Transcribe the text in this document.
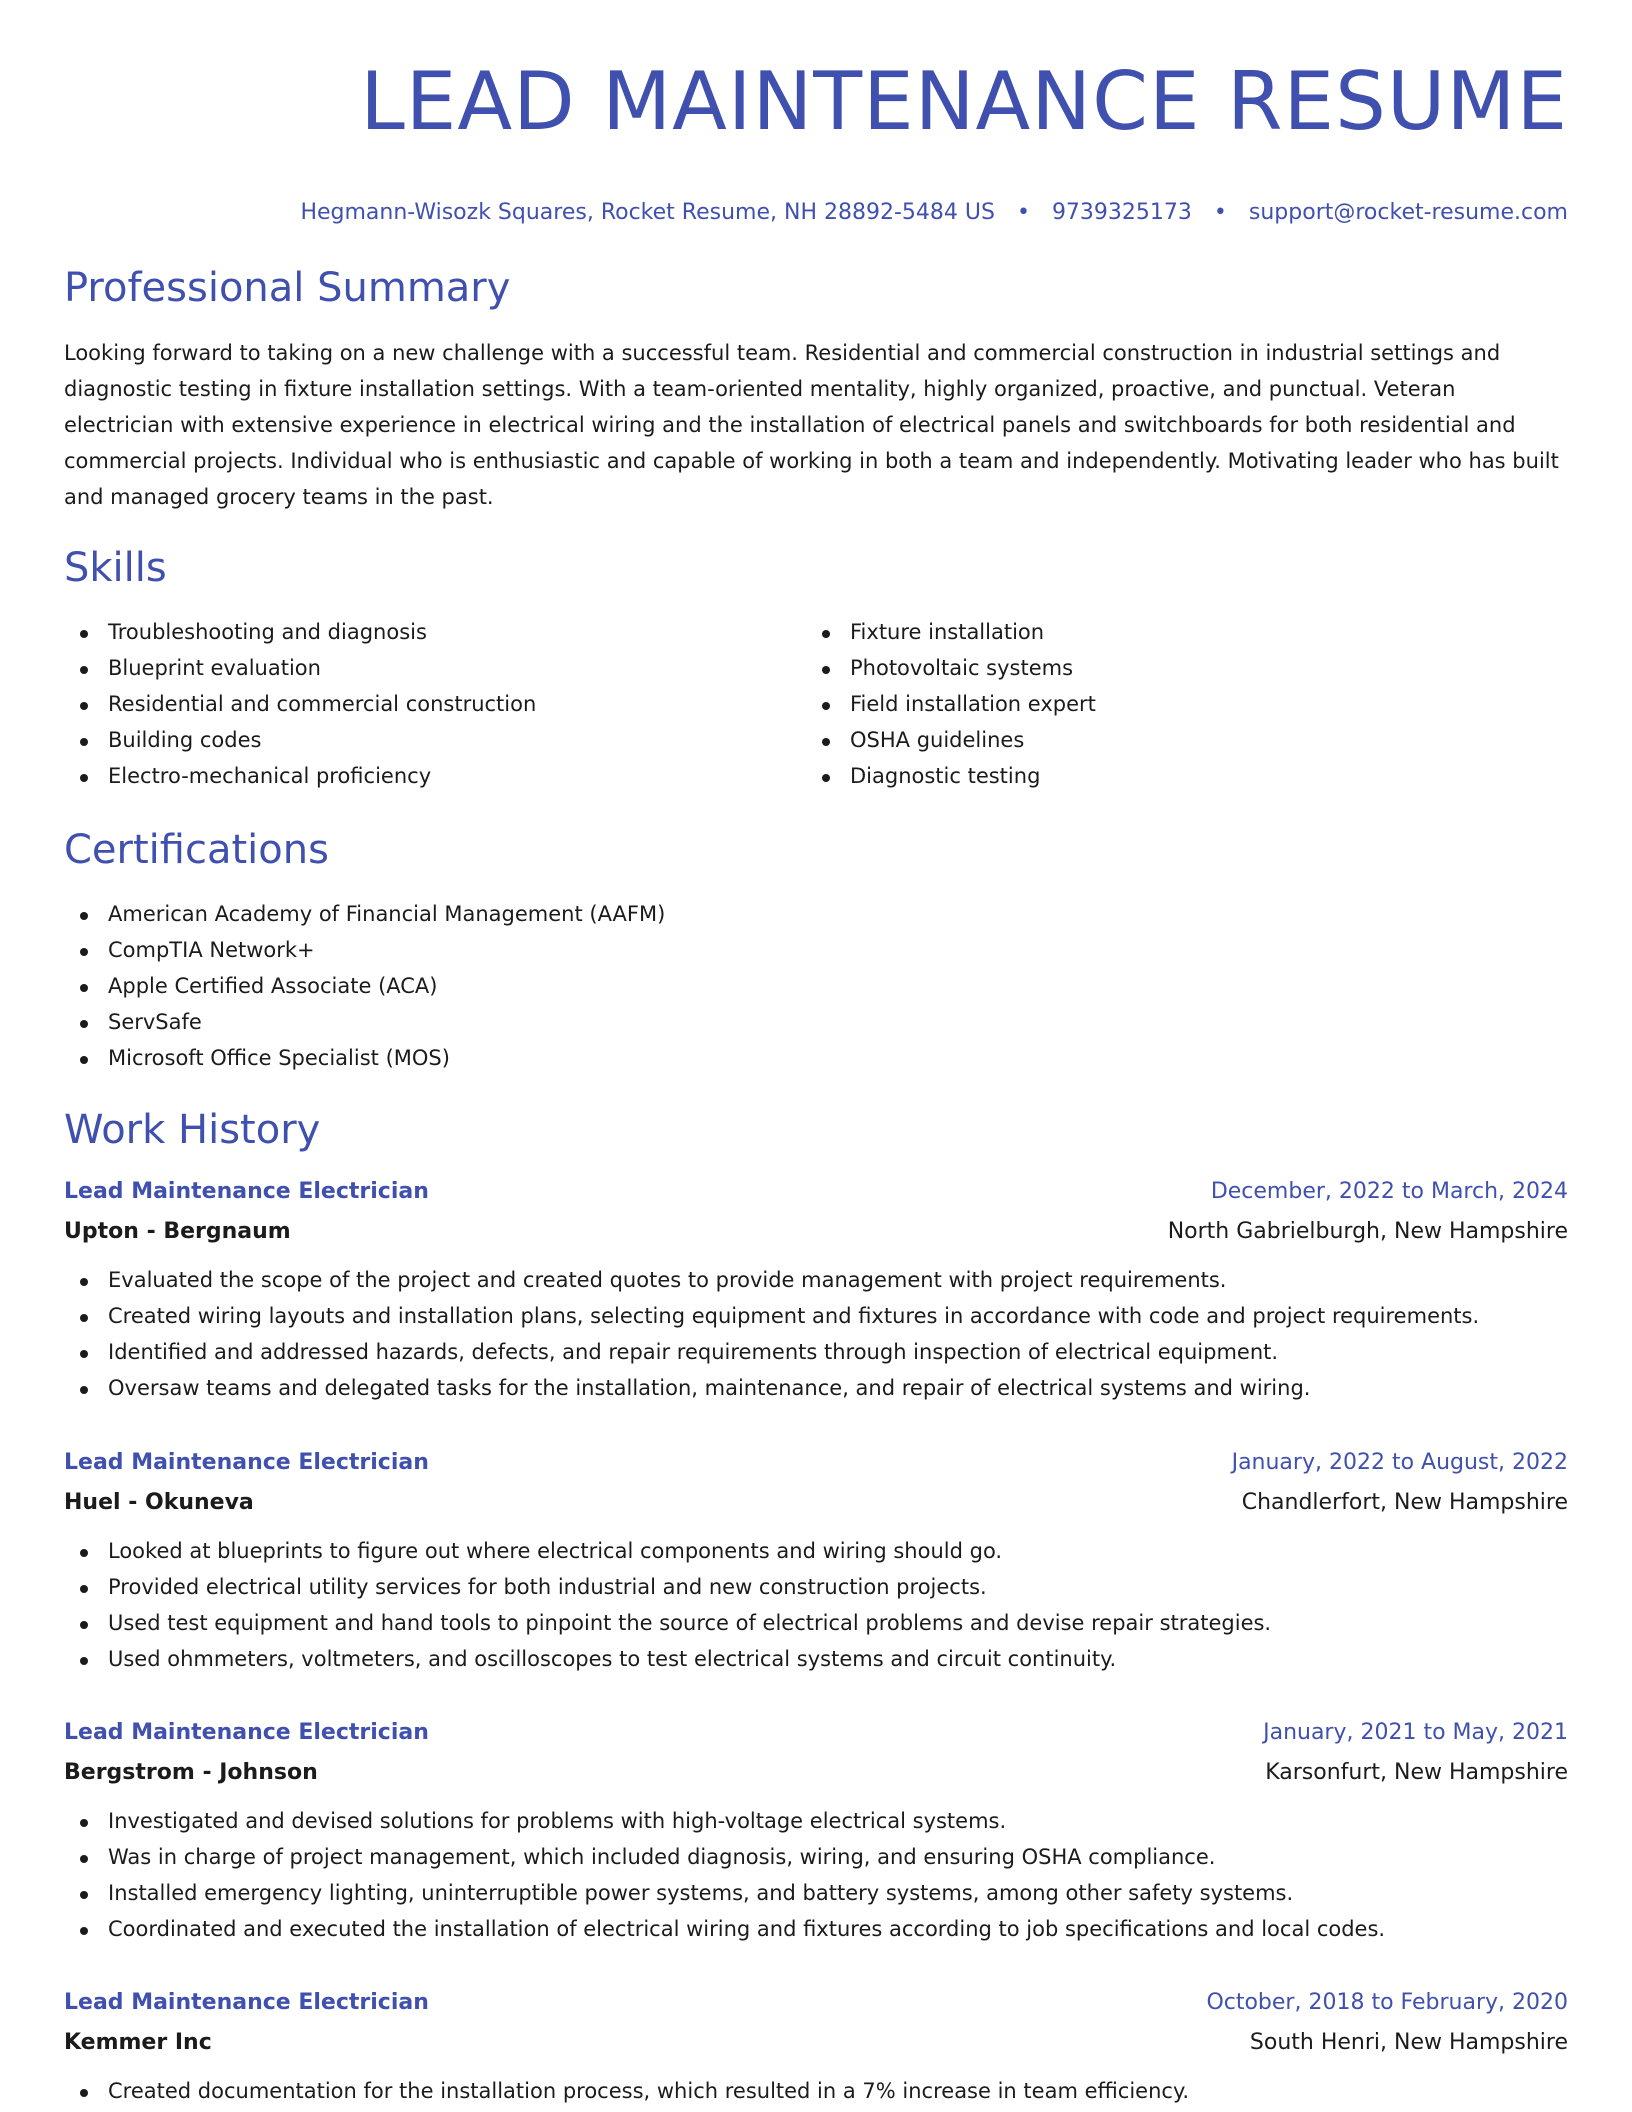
LEAD MAINTENANCE RESUME
Hegmann-Wisozk Squares, Rocket Resume, NH 28892-5484 US • 9739325173 • support@rocket-resume.com
Professional Summary

Looking forward to taking on a new challenge with a successful team. Residential and commercial construction in industrial settings and diagnostic testing in fixture installation settings. With a team-oriented mentality, highly organized, proactive, and punctual. Veteran electrician with extensive experience in electrical wiring and the installation of electrical panels and switchboards for both residential and commercial projects. Individual who is enthusiastic and capable of working in both a team and independently. Motivating leader who has built and managed grocery teams in the past.

Skills
Troubleshooting and diagnosis
Blueprint evaluation
Residential and commercial construction
Building codes
Electro-mechanical proficiency
Fixture installation
Photovoltaic systems
Field installation expert
OSHA guidelines
Diagnostic testing
Certifications
American Academy of Financial Management (AAFM)
CompTIA Network+
Apple Certified Associate (ACA)
ServSafe
Microsoft Office Specialist (MOS)
Work History
Lead Maintenance Electrician	December, 2022 to March, 2024
Upton - Bergnaum	North Gabrielburgh, New Hampshire
Evaluated the scope of the project and created quotes to provide management with project requirements.
Created wiring layouts and installation plans, selecting equipment and fixtures in accordance with code and project requirements.
Identified and addressed hazards, defects, and repair requirements through inspection of electrical equipment.
Oversaw teams and delegated tasks for the installation, maintenance, and repair of electrical systems and wiring.
Lead Maintenance Electrician	January, 2022 to August, 2022
Huel - Okuneva	Chandlerfort, New Hampshire
Looked at blueprints to figure out where electrical components and wiring should go.
Provided electrical utility services for both industrial and new construction projects.
Used test equipment and hand tools to pinpoint the source of electrical problems and devise repair strategies.
Used ohmmeters, voltmeters, and oscilloscopes to test electrical systems and circuit continuity.
Lead Maintenance Electrician	January, 2021 to May, 2021
Bergstrom - Johnson	Karsonfurt, New Hampshire
Investigated and devised solutions for problems with high-voltage electrical systems.
Was in charge of project management, which included diagnosis, wiring, and ensuring OSHA compliance.
Installed emergency lighting, uninterruptible power systems, and battery systems, among other safety systems.
Coordinated and executed the installation of electrical wiring and fixtures according to job specifications and local codes.
Lead Maintenance Electrician	October, 2018 to February, 2020
Kemmer Inc	South Henri, New Hampshire
Created documentation for the installation process, which resulted in a 7% increase in team efficiency.
